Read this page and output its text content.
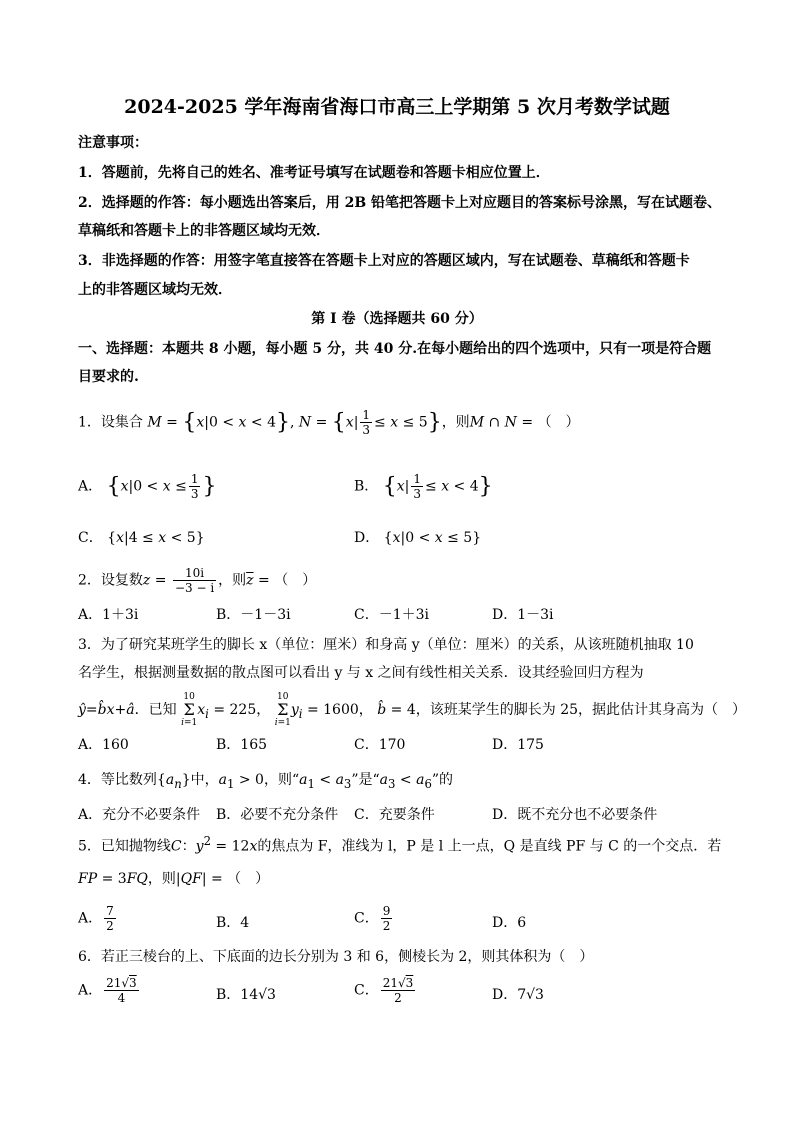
2024-2025 学年海南省海口市高三上学期第 5 次月考数学试题
注意事项：
1．答题前，先将自己的姓名、准考证号填写在试题卷和答题卡相应位置上．
2．选择题的作答：每小题选出答案后，用 2B 铅笔把答题卡上对应题目的答案标号涂黑，写在试题卷、
草稿纸和答题卡上的非答题区域均无效．
3．非选择题的作答：用签字笔直接答在答题卡上对应的答题区域内，写在试题卷、草稿纸和答题卡
上的非答题区域均无效．
第 I 卷（选择题共 60 分）
一、选择题：本题共 8 小题，每小题 5 分，共 40 分.在每小题给出的四个选项中，只有一项是符合题
目要求的.
1．设集合 M = {x|0 < x < 4}, $N = \{x| \frac{1}{3} \le x \le 5\}$，则M ∩ N = （　）
A． {$x|0 < x \le \frac{1}{3}$ }	B． $\{x| \frac{1}{3} \le x < 4\}$
C． {x|4 ≤ x < 5}	D． {x|0 < x ≤ 5}
2．设复数$z = \frac{10i}{-3 - i}$ ，则$\overline{z}$ = （　）
A．1＋3i	B．－1－3i	C．－1＋3i	D．1－3i
3．为了研究某班学生的脚长 x（单位：厘米）和身高 y（单位：厘米）的关系，从该班随机抽取 10
名学生，根据测量数据的散点图可以看出 y 与 x 之间有线性相关关系．设其经验回归方程为
ŷ=b̂x+â．已知 10
Σ
$i=1x_i = 225$， 10
Σ
$i=1y_i = 1600$， b̂ = 4，该班某学生的脚长为 25，据此估计其身高为（　）
A．160	B．165	C．170	D．175
4．等比数列$\{a_n\}$中，$a_1 > 0$，则“$a_1 < a_3$”是“$a_3 < a_6$”的
A．充分不必要条件 B．必要不充分条件 C．充要条件	D．既不充分也不必要条件
5．已知抛物线C：$y^2 = 12x$的焦点为 F，准线为 l，P 是 l 上一点，Q 是直线 PF 与 C 的一个交点．若
FP = 3FQ，则|QF| = （　）
A． $\frac{7}{2}$	B．4	C． $\frac{9}{2}$	D．6
6．若正三棱台的上、下底面的边长分别为 3 和 6，侧棱长为 2，则其体积为（　）
A． $\frac{21√3}{4}$	B．14√3	C． $\frac{21√3}{2}$	D．7√3
